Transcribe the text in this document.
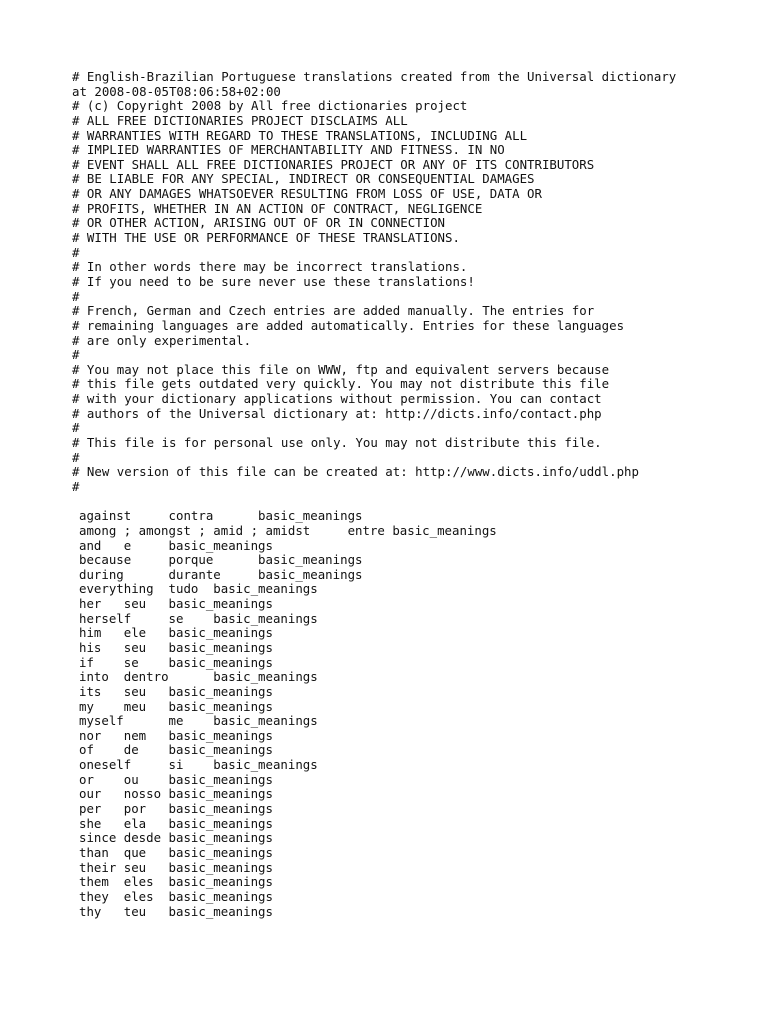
# English-Brazilian Portuguese translations created from the Universal dictionary
at 2008-08-05T08:06:58+02:00
# (c) Copyright 2008 by All free dictionaries project
# ALL FREE DICTIONARIES PROJECT DISCLAIMS ALL
# WARRANTIES WITH REGARD TO THESE TRANSLATIONS, INCLUDING ALL
# IMPLIED WARRANTIES OF MERCHANTABILITY AND FITNESS. IN NO
# EVENT SHALL ALL FREE DICTIONARIES PROJECT OR ANY OF ITS CONTRIBUTORS
# BE LIABLE FOR ANY SPECIAL, INDIRECT OR CONSEQUENTIAL DAMAGES
# OR ANY DAMAGES WHATSOEVER RESULTING FROM LOSS OF USE, DATA OR
# PROFITS, WHETHER IN AN ACTION OF CONTRACT, NEGLIGENCE
# OR OTHER ACTION, ARISING OUT OF OR IN CONNECTION
# WITH THE USE OR PERFORMANCE OF THESE TRANSLATIONS.
#
# In other words there may be incorrect translations.
# If you need to be sure never use these translations!
#
# French, German and Czech entries are added manually. The entries for
# remaining languages are added automatically. Entries for these languages
# are only experimental.
#
# You may not place this file on WWW, ftp and equivalent servers because
# this file gets outdated very quickly. You may not distribute this file
# with your dictionary applications without permission. You can contact
# authors of the Universal dictionary at: http://dicts.info/contact.php
#
# This file is for personal use only. You may not distribute this file.
#
# New version of this file can be created at: http://www.dicts.info/uddl.php
#
against	contra	basic_meanings
among ; amongst ; amid ; amidst	entre	basic_meanings
and	e	basic_meanings
because	porque	basic_meanings
during	durante	basic_meanings
everything	tudo	basic_meanings
her	seu	basic_meanings
herself	se	basic_meanings
him	ele	basic_meanings
his	seu	basic_meanings
if	se	basic_meanings
into	dentro	basic_meanings
its	seu	basic_meanings
my	meu	basic_meanings
myself	me	basic_meanings
nor	nem	basic_meanings
of	de	basic_meanings
oneself	si	basic_meanings
or	ou	basic_meanings
our	nosso	basic_meanings
per	por	basic_meanings
she	ela	basic_meanings
since	desde	basic_meanings
than	que	basic_meanings
their	seu	basic_meanings
them	eles	basic_meanings
they	eles	basic_meanings
thy	teu	basic_meanings
